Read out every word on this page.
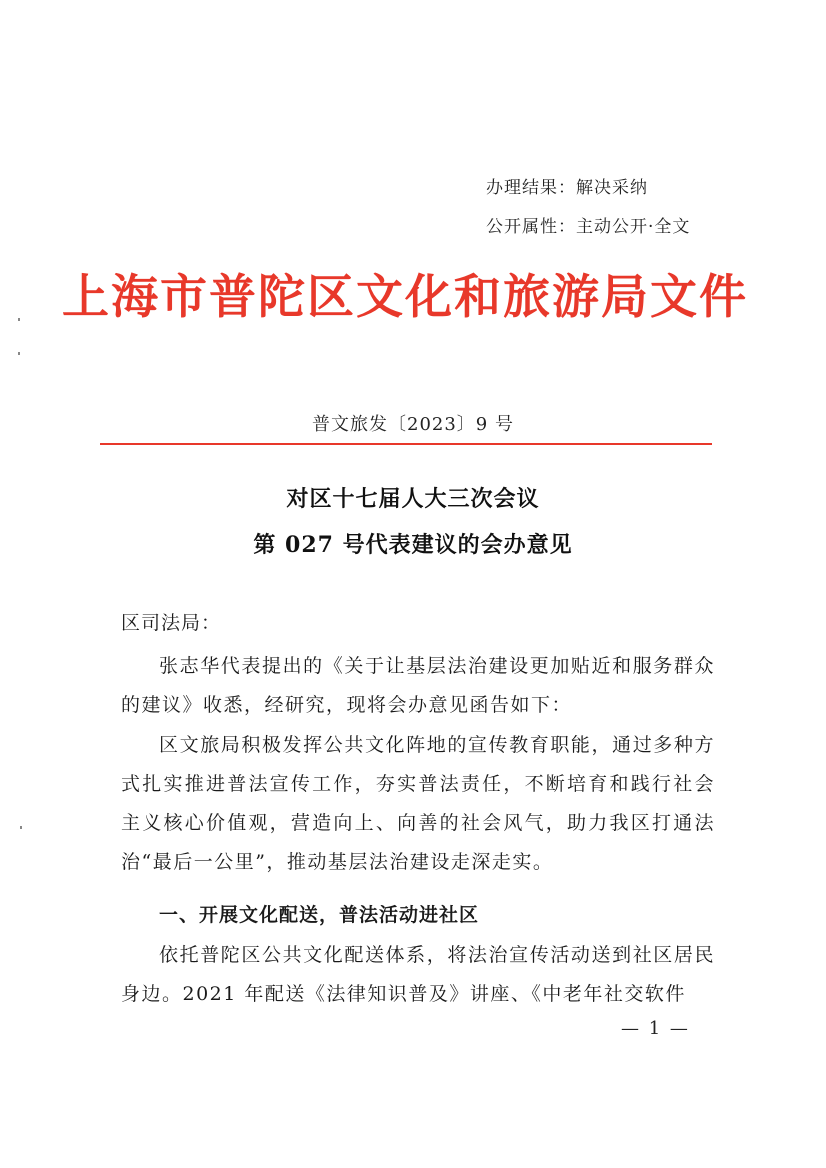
办理结果：解决采纳
公开属性：主动公开·全文
上海市普陀区文化和旅游局文件
普文旅发〔2023〕9 号
对区十七届人大三次会议
第 027 号代表建议的会办意见
区司法局：
张志华代表提出的《关于让基层法治建设更加贴近和服务群众的建议》收悉，经研究，现将会办意见函告如下：
区文旅局积极发挥公共文化阵地的宣传教育职能，通过多种方式扎实推进普法宣传工作，夯实普法责任，不断培育和践行社会主义核心价值观，营造向上、向善的社会风气，助力我区打通法治“最后一公里”，推动基层法治建设走深走实。
一、开展文化配送，普法活动进社区
依托普陀区公共文化配送体系，将法治宣传活动送到社区居民身边。2021 年配送《法律知识普及》讲座、《中老年社交软件
— 1 —
